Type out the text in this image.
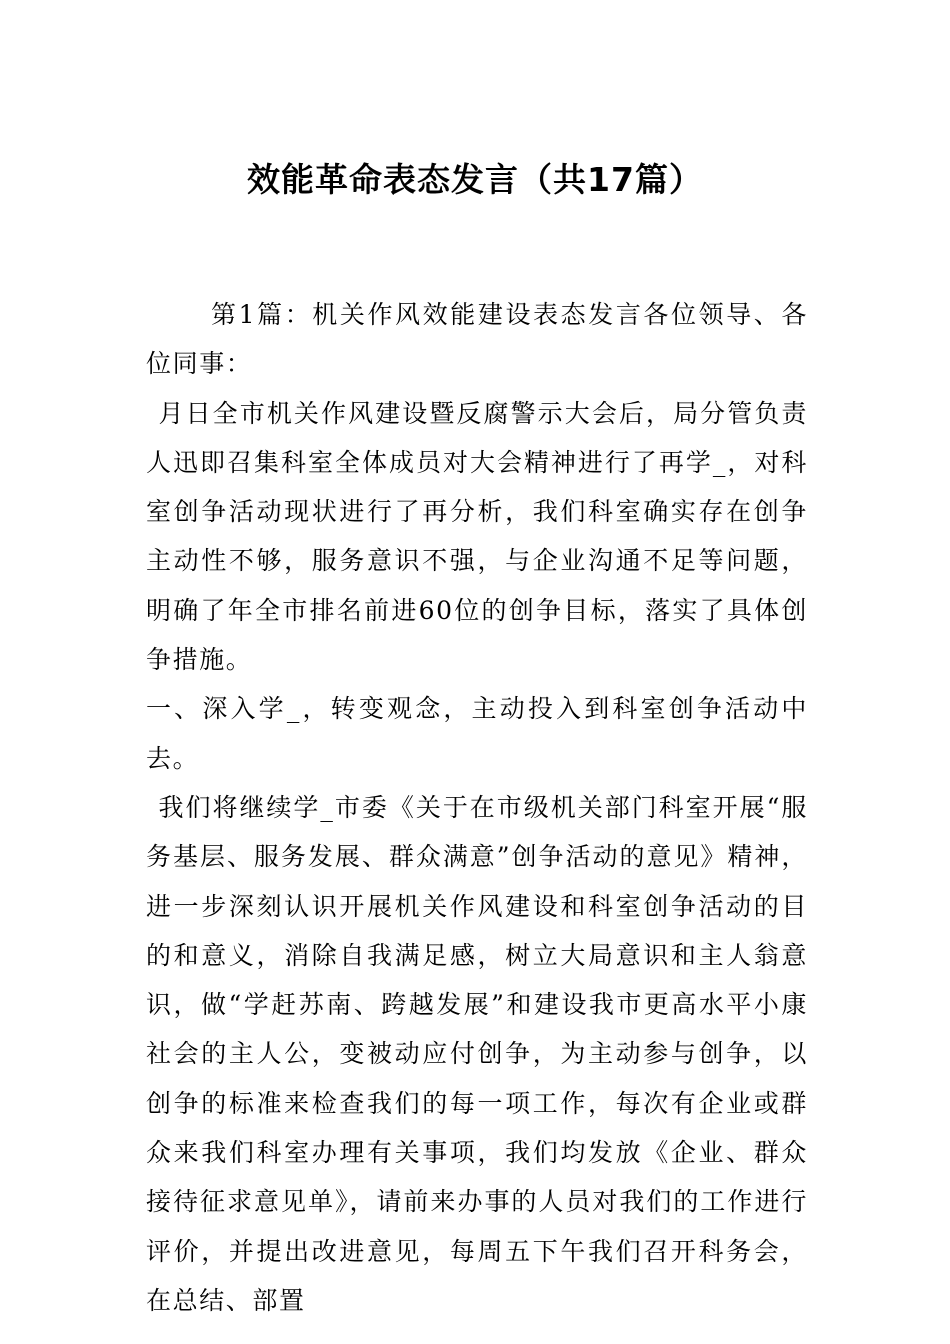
效能革命表态发言（共17篇）

第1篇：机关作风效能建设表态发言各位领导、各位同事：

月日全市机关作风建设暨反腐警示大会后，局分管负责人迅即召集科室全体成员对大会精神进行了再学_，对科室创争活动现状进行了再分析，我们科室确实存在创争主动性不够，服务意识不强，与企业沟通不足等问题，明确了年全市排名前进60位的创争目标，落实了具体创争措施。

一、深入学_，转变观念，主动投入到科室创争活动中去。

我们将继续学_市委《关于在市级机关部门科室开展“服务基层、服务发展、群众满意”创争活动的意见》精神，进一步深刻认识开展机关作风建设和科室创争活动的目的和意义，消除自我满足感，树立大局意识和主人翁意识，做“学赶苏南、跨越发展”和建设我市更高水平小康社会的主人公，变被动应付创争，为主动参与创争，以创争的标准来检查我们的每一项工作，每次有企业或群众来我们科室办理有关事项，我们均发放《企业、群众接待征求意见单》，请前来办事的人员对我们的工作进行评价，并提出改进意见，每周五下午我们召开科务会，在总结、部置
